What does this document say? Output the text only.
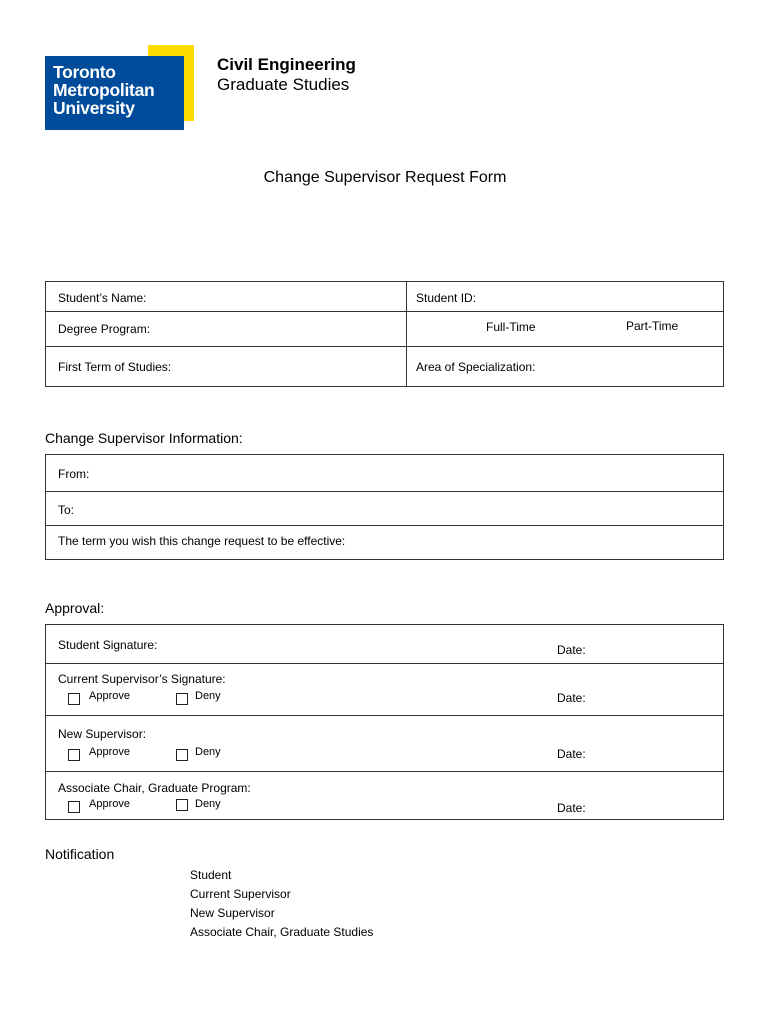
Toronto
Metropolitan
University
Civil Engineering
Graduate Studies
Change Supervisor Request Form
Student’s Name:	Student ID:
Degree Program:	Full-Time	Part-Time
First Term of Studies:	Area of Specialization:
Change Supervisor Information:
From:
To:
The term you wish this change request to be effective:
Approval:
Student Signature:	Date:
Current Supervisor’s Signature:
Approve	Deny	Date:
New Supervisor:
Approve	Deny	Date:
Associate Chair, Graduate Program:
Approve	Deny	Date:
Notification
Student
Current Supervisor
New Supervisor
Associate Chair, Graduate Studies
